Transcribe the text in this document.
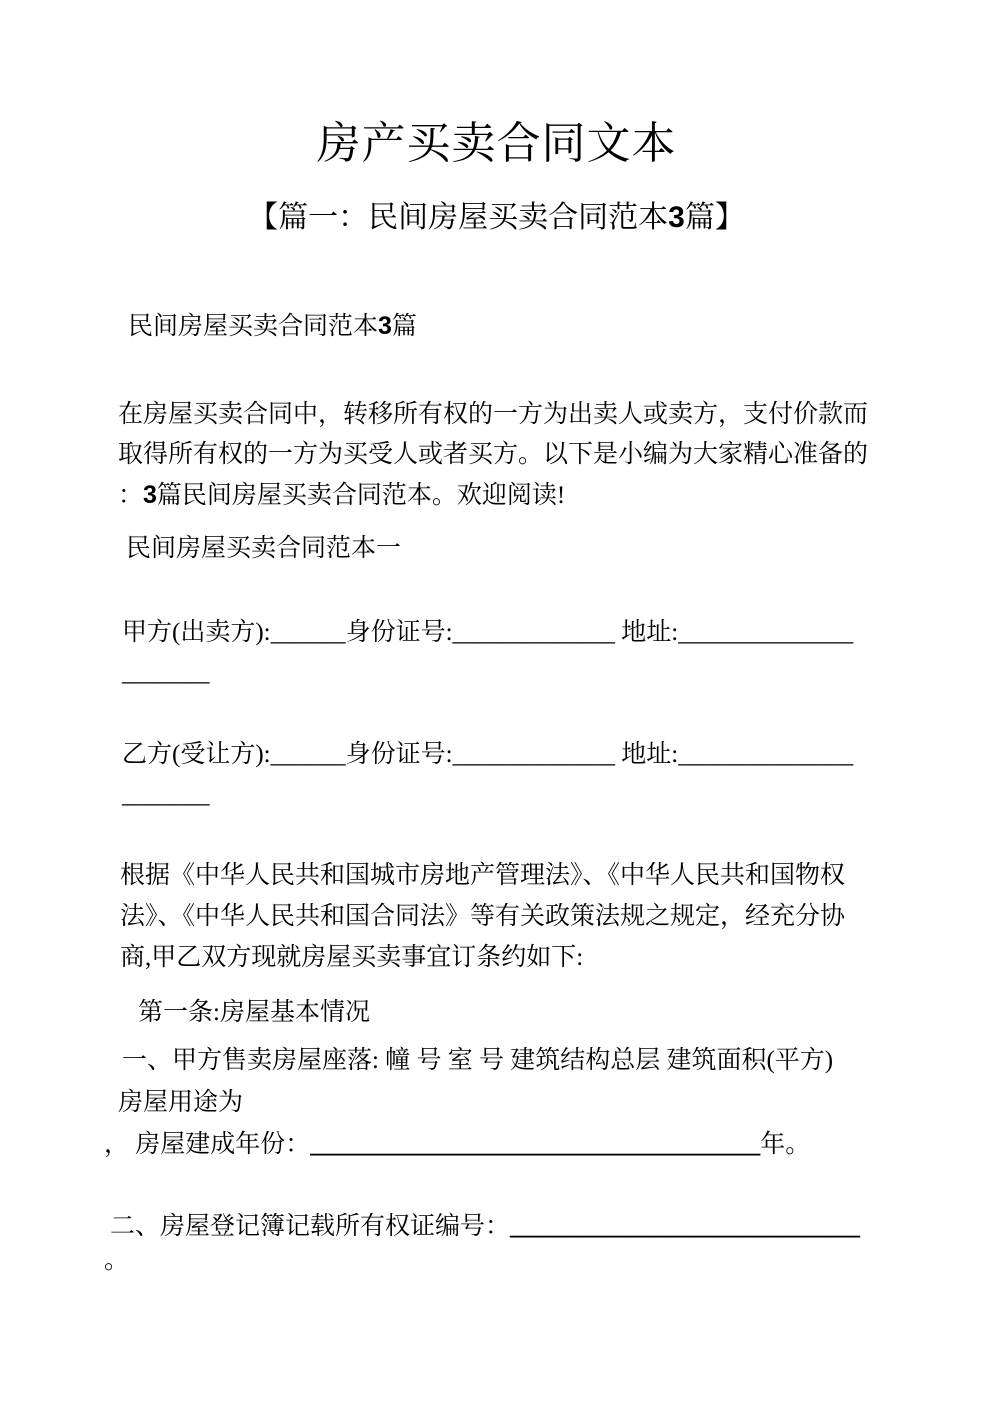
房产买卖合同文本
【篇一：民间房屋买卖合同范本3篇】
民间房屋买卖合同范本3篇
在房屋买卖合同中，转移所有权的一方为出卖人或卖方，支付价款而
取得所有权的一方为买受人或者买方。以下是小编为大家精心准备的
：3篇民间房屋买卖合同范本。欢迎阅读!
民间房屋买卖合同范本一
甲方(出卖方):______身份证号:_____________ 地址:______________
_______
乙方(受让方):______身份证号:_____________ 地址:______________
_______
根据《中华人民共和国城市房地产管理法》、《中华人民共和国物权
法》、《中华人民共和国合同法》等有关政策法规之规定，经充分协
商,甲乙双方现就房屋买卖事宜订条约如下:
第一条:房屋基本情况
一、甲方售卖房屋座落: 幢 号 室 号 建筑结构总层 建筑面积(平方)
房屋用途为
， 房屋建成年份：____________________________________年。
二、房屋登记簿记载所有权证编号：____________________________
。
